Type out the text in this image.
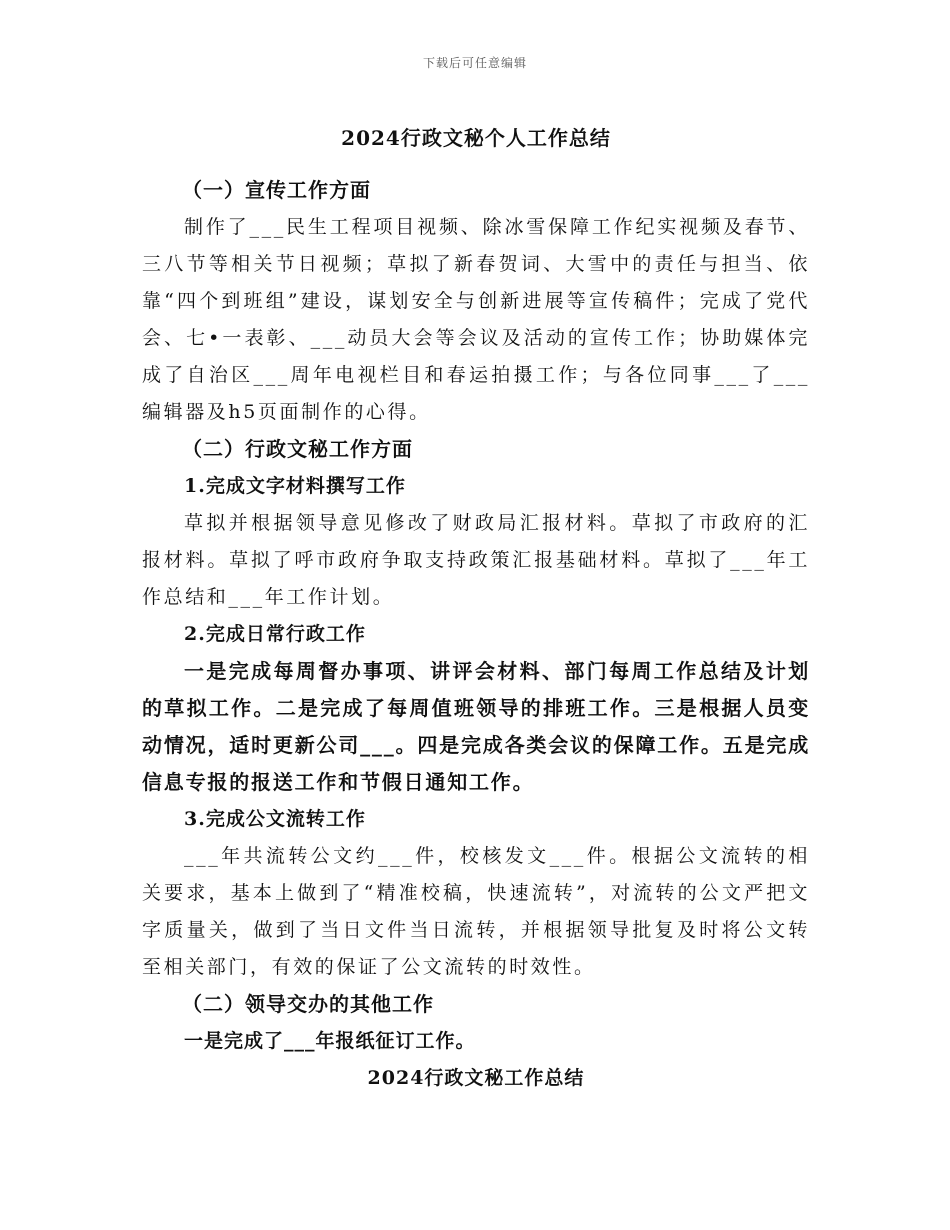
下载后可任意编辑
2024行政文秘个人工作总结

（一）宣传工作方面

制作了___民生工程项目视频、除冰雪保障工作纪实视频及春节、三八节等相关节日视频；草拟了新春贺词、大雪中的责任与担当、依靠“四个到班组”建设，谋划安全与创新进展等宣传稿件；完成了党代会、七•一表彰、___动员大会等会议及活动的宣传工作；协助媒体完成了自治区___周年电视栏目和春运拍摄工作；与各位同事___了___编辑器及h5页面制作的心得。

（二）行政文秘工作方面

1.完成文字材料撰写工作

草拟并根据领导意见修改了财政局汇报材料。草拟了市政府的汇报材料。草拟了呼市政府争取支持政策汇报基础材料。草拟了___年工作总结和___年工作计划。

2.完成日常行政工作

一是完成每周督办事项、讲评会材料、部门每周工作总结及计划的草拟工作。二是完成了每周值班领导的排班工作。三是根据人员变动情况，适时更新公司___。四是完成各类会议的保障工作。五是完成信息专报的报送工作和节假日通知工作。

3.完成公文流转工作

___年共流转公文约___件，校核发文___件。根据公文流转的相关要求，基本上做到了“精准校稿，快速流转”，对流转的公文严把文字质量关，做到了当日文件当日流转，并根据领导批复及时将公文转至相关部门，有效的保证了公文流转的时效性。

（二）领导交办的其他工作

一是完成了___年报纸征订工作。

2024行政文秘工作总结
